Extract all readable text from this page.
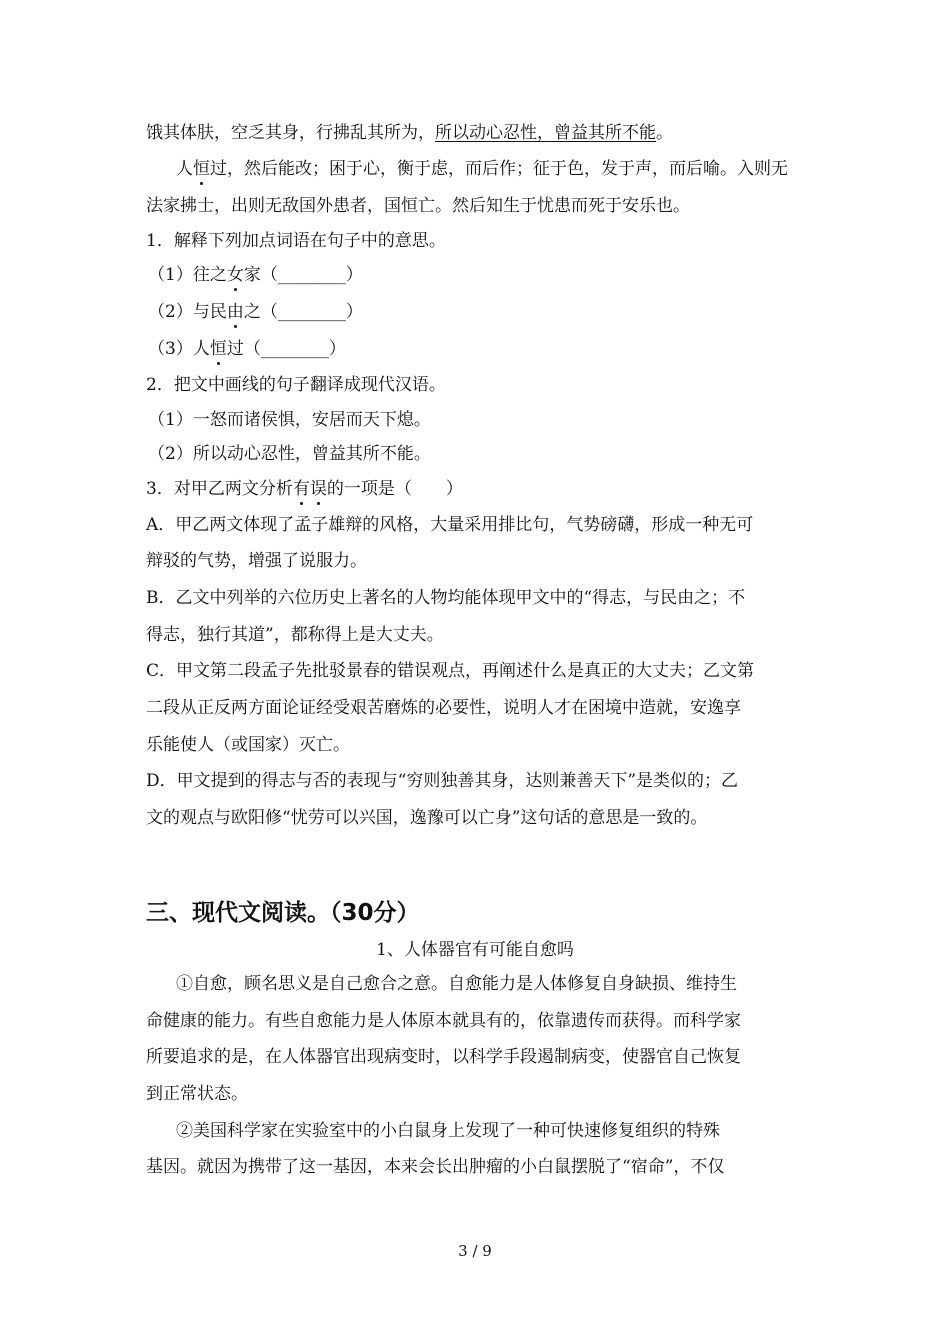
饿其体肤，空乏其身，行拂乱其所为，所以动心忍性，曾益其所不能。
人恒过，然后能改；困于心，衡于虑，而后作；征于色，发于声，而后喻。入则无
法家拂士，出则无敌国外患者，国恒亡。然后知生于忧患而死于安乐也。
1．解释下列加点词语在句子中的意思。
（1）往之女家（________）
（2）与民由之（________）
（3）人恒过（________）
2．把文中画线的句子翻译成现代汉语。
（1）一怒而诸侯惧，安居而天下熄。
（2）所以动心忍性，曾益其所不能。
3．对甲乙两文分析有误的一项是（　　）
A．甲乙两文体现了孟子雄辩的风格，大量采用排比句，气势磅礴，形成一种无可
辩驳的气势，增强了说服力。
B．乙文中列举的六位历史上著名的人物均能体现甲文中的“得志，与民由之；不
得志，独行其道”，都称得上是大丈夫。
C．甲文第二段孟子先批驳景春的错误观点，再阐述什么是真正的大丈夫；乙文第
二段从正反两方面论证经受艰苦磨炼的必要性，说明人才在困境中造就，安逸享
乐能使人（或国家）灭亡。
D．甲文提到的得志与否的表现与“穷则独善其身，达则兼善天下”是类似的；乙
文的观点与欧阳修“忧劳可以兴国，逸豫可以亡身”这句话的意思是一致的。
三、现代文阅读。（30分）
1、人体器官有可能自愈吗
①自愈，顾名思义是自己愈合之意。自愈能力是人体修复自身缺损、维持生
命健康的能力。有些自愈能力是人体原本就具有的，依靠遗传而获得。而科学家
所要追求的是，在人体器官出现病变时，以科学手段遏制病变，使器官自己恢复
到正常状态。
②美国科学家在实验室中的小白鼠身上发现了一种可快速修复组织的特殊
基因。就因为携带了这一基因，本来会长出肿瘤的小白鼠摆脱了“宿命”，不仅
3 / 9
